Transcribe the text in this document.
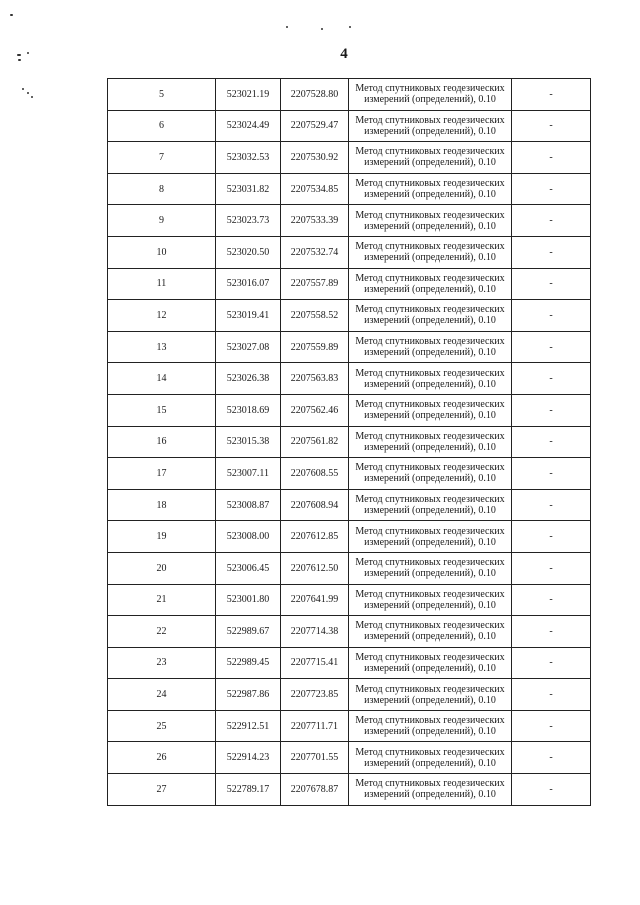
4
5	523021.19	2207528.80	Метод спутниковых геодезических
измерений (определений), 0.10	-
6	523024.49	2207529.47	Метод спутниковых геодезических
измерений (определений), 0.10	-
7	523032.53	2207530.92	Метод спутниковых геодезических
измерений (определений), 0.10	-
8	523031.82	2207534.85	Метод спутниковых геодезических
измерений (определений), 0.10	-
9	523023.73	2207533.39	Метод спутниковых геодезических
измерений (определений), 0.10	-
10	523020.50	2207532.74	Метод спутниковых геодезических
измерений (определений), 0.10	-
11	523016.07	2207557.89	Метод спутниковых геодезических
измерений (определений), 0.10	-
12	523019.41	2207558.52	Метод спутниковых геодезических
измерений (определений), 0.10	-
13	523027.08	2207559.89	Метод спутниковых геодезических
измерений (определений), 0.10	-
14	523026.38	2207563.83	Метод спутниковых геодезических
измерений (определений), 0.10	-
15	523018.69	2207562.46	Метод спутниковых геодезических
измерений (определений), 0.10	-
16	523015.38	2207561.82	Метод спутниковых геодезических
измерений (определений), 0.10	-
17	523007.11	2207608.55	Метод спутниковых геодезических
измерений (определений), 0.10	-
18	523008.87	2207608.94	Метод спутниковых геодезических
измерений (определений), 0.10	-
19	523008.00	2207612.85	Метод спутниковых геодезических
измерений (определений), 0.10	-
20	523006.45	2207612.50	Метод спутниковых геодезических
измерений (определений), 0.10	-
21	523001.80	2207641.99	Метод спутниковых геодезических
измерений (определений), 0.10	-
22	522989.67	2207714.38	Метод спутниковых геодезических
измерений (определений), 0.10	-
23	522989.45	2207715.41	Метод спутниковых геодезических
измерений (определений), 0.10	-
24	522987.86	2207723.85	Метод спутниковых геодезических
измерений (определений), 0.10	-
25	522912.51	2207711.71	Метод спутниковых геодезических
измерений (определений), 0.10	-
26	522914.23	2207701.55	Метод спутниковых геодезических
измерений (определений), 0.10	-
27	522789.17	2207678.87	Метод спутниковых геодезических
измерений (определений), 0.10	-
